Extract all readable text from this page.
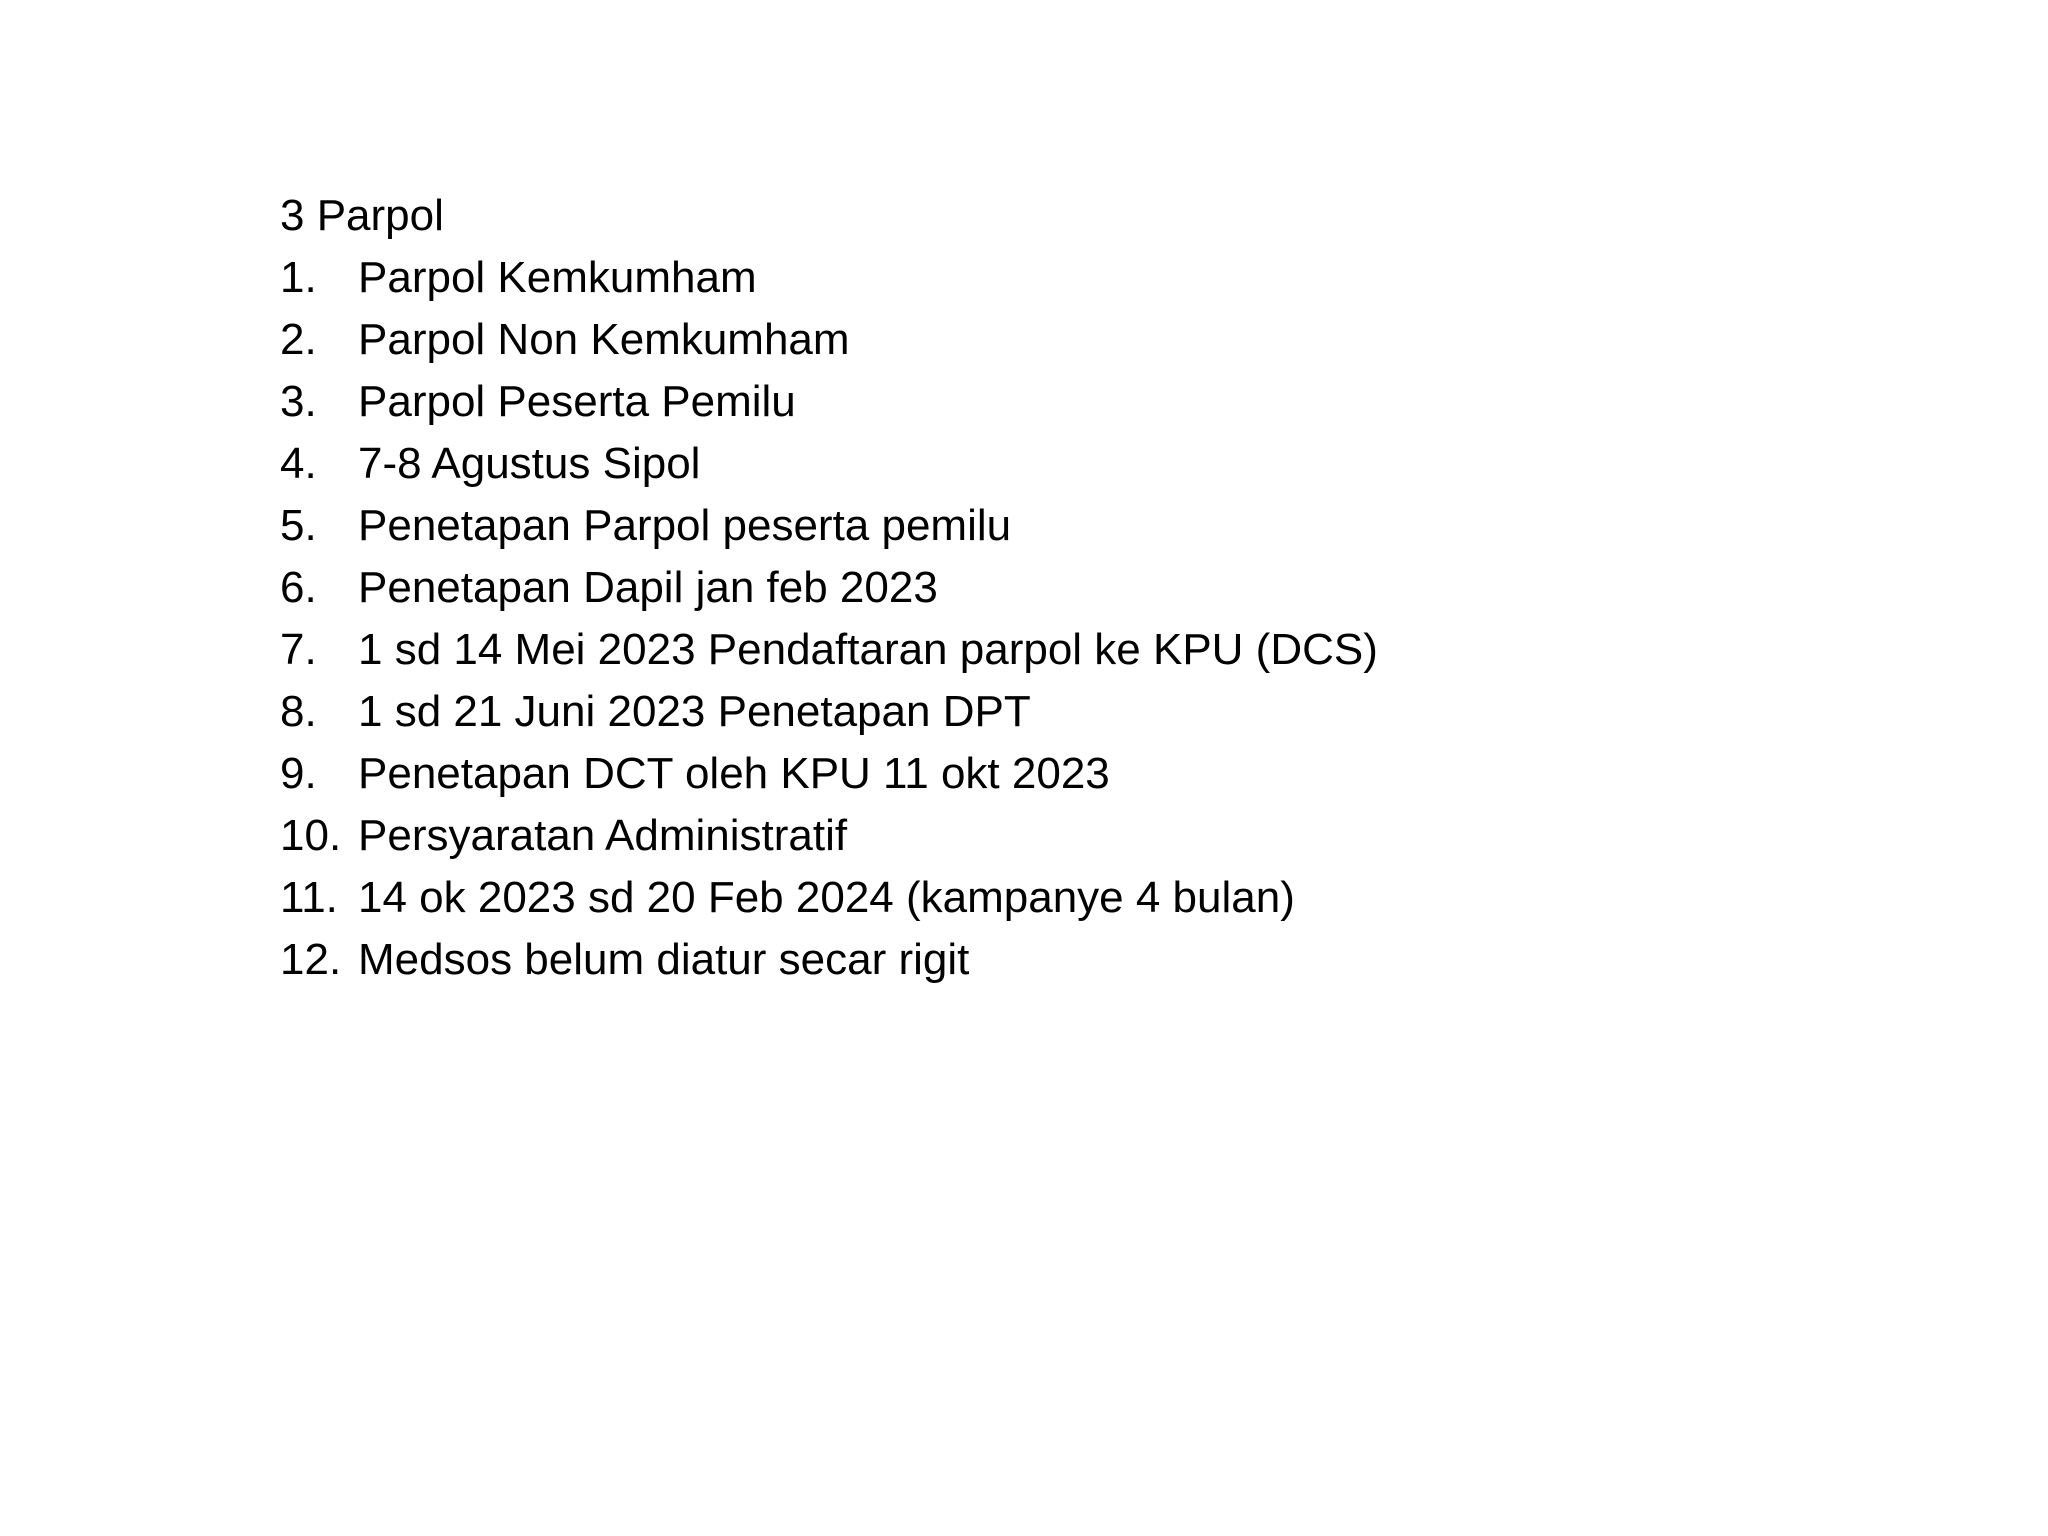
3 Parpol
1. Parpol Kemkumham
2. Parpol Non Kemkumham
3. Parpol Peserta Pemilu
4. 7-8 Agustus Sipol
5. Penetapan Parpol peserta pemilu
6. Penetapan Dapil jan feb 2023
7. 1 sd 14 Mei 2023 Pendaftaran parpol ke KPU (DCS)
8. 1 sd 21 Juni 2023 Penetapan DPT
9. Penetapan DCT oleh KPU 11 okt 2023
10. Persyaratan Administratif
11. 14 ok 2023 sd 20 Feb 2024 (kampanye 4 bulan)
12. Medsos belum diatur secar rigit
